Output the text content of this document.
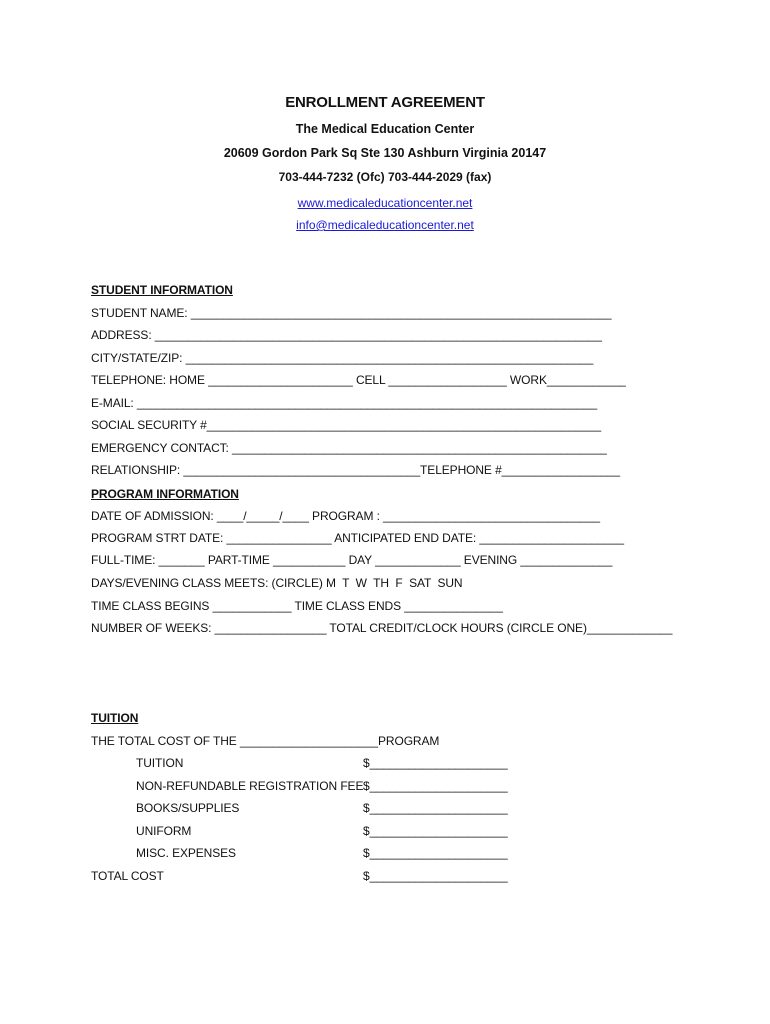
ENROLLMENT AGREEMENT
The Medical Education Center
20609 Gordon Park Sq Ste 130 Ashburn Virginia 20147
703-444-7232 (Ofc) 703-444-2029 (fax)
www.medicaleducationcenter.net
info@medicaleducationcenter.net
STUDENT INFORMATION
STUDENT NAME: ________________________________________________________________
ADDRESS: ____________________________________________________________________
CITY/STATE/ZIP: ______________________________________________________________
TELEPHONE: HOME ______________________ CELL __________________ WORK____________
E-MAIL: ______________________________________________________________________
SOCIAL SECURITY #____________________________________________________________
EMERGENCY CONTACT: _________________________________________________________
RELATIONSHIP: ____________________________________TELEPHONE #__________________
PROGRAM INFORMATION
DATE OF ADMISSION: ____/_____/____ PROGRAM : _________________________________
PROGRAM STRT DATE: ________________ ANTICIPATED END DATE: ______________________
FULL-TIME: _______ PART-TIME ___________ DAY _____________ EVENING ______________
DAYS/EVENING CLASS MEETS: (CIRCLE) M  T  W  TH  F  SAT  SUN
TIME CLASS BEGINS ____________ TIME CLASS ENDS _______________
NUMBER OF WEEKS: _________________ TOTAL CREDIT/CLOCK HOURS (CIRCLE ONE)_____________
TUITION
THE TOTAL COST OF THE _____________________PROGRAM
TUITION	$_____________________
NON-REFUNDABLE REGISTRATION FEE $_____________________
BOOKS/SUPPLIES	$_____________________
UNIFORM	$_____________________
MISC. EXPENSES	$_____________________
TOTAL COST	$_____________________
